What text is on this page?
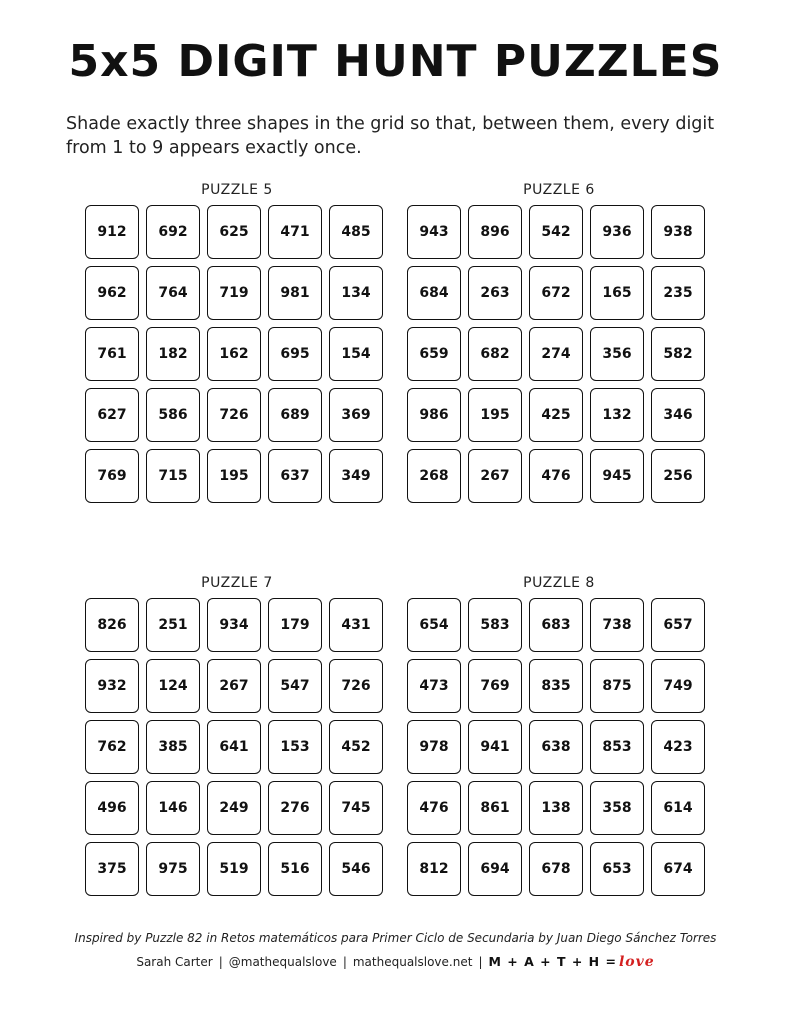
5x5 DIGIT HUNT PUZZLES
Shade exactly three shapes in the grid so that, between them, every digit from 1 to 9 appears exactly once.
PUZZLE 5
912	692	625	471	485
962	764	719	981	134
761	182	162	695	154
627	586	726	689	369
769	715	195	637	349
PUZZLE 6
943	896	542	936	938
684	263	672	165	235
659	682	274	356	582
986	195	425	132	346
268	267	476	945	256
PUZZLE 7
826	251	934	179	431
932	124	267	547	726
762	385	641	153	452
496	146	249	276	745
375	975	519	516	546
PUZZLE 8
654	583	683	738	657
473	769	835	875	749
978	941	638	853	423
476	861	138	358	614
812	694	678	653	674
Inspired by Puzzle 82 in Retos matemáticos para Primer Ciclo de Secundaria by Juan Diego Sánchez Torres
Sarah Carter | @mathequalslove | mathequalslove.net | M + A + T + H = love
